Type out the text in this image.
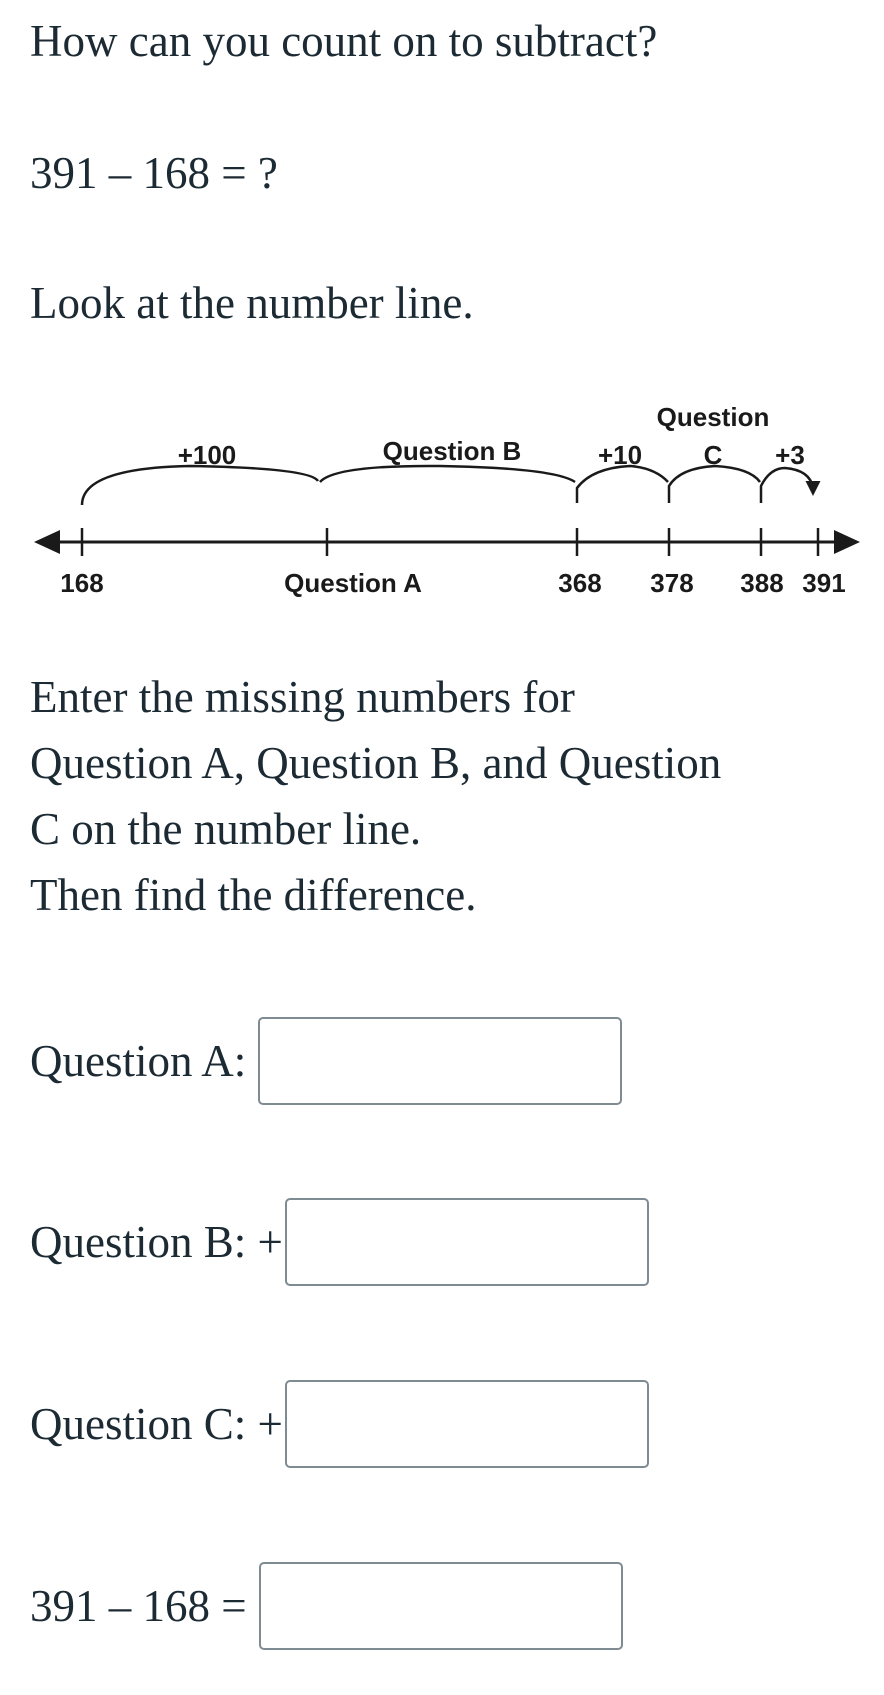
How can you count on to subtract?

391 – 168 = ?

Look at the number line.

+100	Question B	+10
Question
C +3
168	Question A	368 378 388 391
Enter the missing numbers for
Question A, Question B, and Question
C on the number line.
Then find the difference.
Question A:
Question B: +
Question C: +
391 – 168 =
